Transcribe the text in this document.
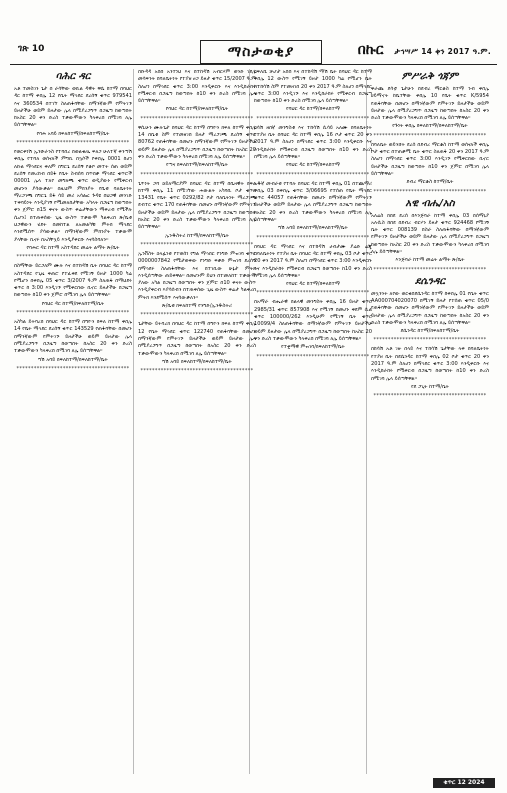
ገጽ 10	ማስታወቂያ	በኩር ታኅሣሥ 14 ቀን 2017 ዓ.ም.
ባሕር ዳር

አቶ ተመስገን ጌታ በ ራሳቸው ወኪል ዳዊት ዋሴ ከተማ በባህር ዳር ከተማ ቀበሌ 12 የቤት ማኅደር ደረሰኝ ቁጥር 979541 እና 360534 በተገኘ ስለጠፋባቸው በማንኛውም የምትገኙ ይዞታችሁ ወይም ይዞታው ሌላ በሚያረጋግጥ በጋዜጣ ከወጣበት ከአስር 20 ቀን ድረስ ተቃውሞውን ካላቀረበ በሚገባ ለሌ ይሰጣቸዋል፡፡

የባሕ አባይ ክፍለከተማ/ከፍለከተማ/ቤት
***************************************

የወርቅነሽ ኢንሹራንስ የተባበረ በወልቂጤ ፍለጋ ሁለተኛ ቅንጣሽ ቀበሌ የተሻለ ወሰናለች ምግቢ በኳሶች የቀበሌ 0001 ከሆነ ለኩል ማኅደርና ቀለም በግርጌ ደረሰኝ የቆቦ መተት ሰጠ ወይም ደረሰኝ የመረከብ በይፋ የቤት ስብሰባ በጥበቃ ማኅደር ቁጥሮች 00001 ሌላ ተለየ መግለጫ ቁጥር ወዲያውኑ የሚቀርብ መሆኑን ያሳውቃል፡፡ በዚህም ምክንያት የቤቱ ባለቤትነት ማረጋገጫ በግርጌ ይፋ ሳይ መሪ አሳልፎ ጉዳዩ በህጋዊ መንገድ ተቀባይነት እንዲያገኝ የሚመለከታቸው አካላት በጋዜጣ ከወጣበት ቀን ጀምሮ በ15 ቀናት ውስጥ ቅሬታቸውን ማቅረብ የሚችሉ ሲሆን፤ በተጠቀሰው ጊዜ ውስጥ ተቃውሞ ካልቀረበ ጽ/ቤቱ ህጋዊውን ሂደት በመከተል ለአመልካቹ ምትክ ማኅደር እንደሚሰጥ ያሳውቃል፡፡ በማንኛውም ምክንያት ተቃውሞ ያላቸው ቢኖሩ በአስቸኳይ እንዲያቀርቡ እናሳስባለን፡፡

የባሕር ዳር ከተማ አስተዳደር መሬት ልማት ጽ/ቤት
***************************************

በስማቸው ይርጋለም ሙሉ እና በተከዳሽ ቤት በባህር ዳር ከተማ አስተዳደር የጊዜ ቀጠሮ የተፈቀደ የሚገኝ ይዞታ 1000 ካሬ የሚሆን በቀበሌ 05 ቁጥር 3/2007 ዓ.ም ስለጠፋ በማህደሩ ቁጥር ከ 3:00 እንዲገኙ የሚቀርበው ቢኖር ይዞታችሁ በጋዜጣ ከወጣበት ከ10 ቀን ጀምሮ በሚገባ ሌላ ይሰጣቸዋል፡፡

የባህር ዳር ከተማ/ክፍለከተማ/ቤት
***************************************

አስካል ይትባረክ በባህር ዳር ከተማ በግዮን ክፍለ ከተማ ቀበሌ 14 የቤት ማኅደር ደረሰኝ ቁጥር 143529 የጠፋባቸው በመሆኑ በማንኛውም የምትገኙ ይዞታችሁ ወይም ይዞታው ሌላ በሚያረጋግጥ በጋዜጣ ከወጣበት ከአስር 20 ቀን ድረስ ተቃውሞውን ካላቀረበ በሚገባ ለሌ ይሰጣቸዋል፡፡

ግሽ አባይ ክፍለከተማ/ክፍለከተማ/ቤት
***************************************

በቡዳዳ አበበ አንተነህ እና በተከዳሽ አብርሃም ወንድ ገደሌ መሳፍንት በባለቤትነት የተያዘ ፀጋ ይዞታ ቁጥር 15/2007 ዓ.ም ስለሆነ በማኅደር ቁጥር 3:00 እንዲቀርቡ እና እንዲከራከሩ የሚቀርብ በጋዜጣ ከወጣበት ከ10 ቀን ድረስ በሚገባ ሌላ ይሰጣቸዋል፡፡

የባህር ዳር ከተማ/ክፍለከተማ/ቤት
***************************************

ዋሲሁን ሙሉጌታ በባህር ዳር ከተማ በግዮን ክፍለ ከተማ ቀበሌ 14 በቤቱ ስም የተመዘገበ ይዞታ ማረጋገጫ ደረሰኝ ቁጥር 80762 የጠፋባቸው በመሆኑ በማንኛውም የምትገኙ ይዞታችሁ ወይም ይዞታው ሌላ በሚያረጋግጥ በጋዜጣ ከወጣበት ከአስር 20 ቀን ድረስ ተቃውሞውን ካላቀረበ በሚገባ ለሌ ይሰጣቸዋል፡፡

የጣና ክፍለከተማ/ከፍለከተማ/ቤት
***************************************

ጌጥነት ጋሻ ኃይለማርያም በባህር ዳር ከተማ በቤዛዊት ክፍለ ከተማ ቀበሌ 11 በሚገኘው ሐውልት አካባቢ ቦታ ቁጥር 13431 የቤት ቁጥር 0292/82 ቦታ ባለቤትነት ማረጋገጫ ደብተር ቁጥር 170 የጠፋባቸው በመሆኑ በማንኛውም የምትገኙ ይዞታችሁ ወይም ይዞታው ሌላ በሚያረጋግጥ በጋዜጣ ከወጣበት ከአስር 20 ቀን ድረስ ተቃውሞውን ካላቀረበ በሚገባ ለሌ ይሰጣቸዋል፡፡

ኢንዱስትሪ ከተማ/ክፍለከተማ/ቤት
***************************************

ኢንቨስት ኃላፊነቱ የተወሰነ የግል ማኅበር የንግድ ምዝገባ ቁጥር 0000007842 የሚታወቀው የንግድ ፍቃድ ምዝገባ ደረሰኝ በማኅደሩ ስለጠፋባቸው እና በተገቢው ሁኔታ ምትክ እንዲሰጣቸው ጠይቀዋል፡፡ በመሆኑም ይህን በተመለከተ ተቃውሞ ያለው አካል በጋዜጣ ከወጣበት ቀን ጀምሮ በ10 ቀናት ውስጥ እንዲያቀርብ እያሳሰብን በተጠቀሰው ጊዜ ውስጥ ቅሬታ ካልቀረበ ምትክ እንደሚሰጥ እናሳውቃለን፡፡

ጽ/ቤቱ ክፍለከተማ የንግድ/ኢንዱስትሪ
***************************************

ጌታቸው ይትባረክ በባህር ዳር ከተማ በግዮን ክፍለ ከተማ ቀበሌ 12 የቤት ማኅደር ቁጥር 122740 የጠፋባቸው በመሆኑ በማንኛውም የምትገኙ ይዞታችሁ ወይም ይዞታው ሌላ በሚያረጋግጥ በጋዜጣ ከወጣበት ከአስር 20 ቀን ድረስ ተቃውሞውን ካላቀረበ በሚገባ ለሌ ይሰጣቸዋል፡፡

ግሽ አባይ ክፍለከተማ/ክፍለከተማ/ቤት
***************************************

ከፍለሺ ቻሆታ አበበ እና በተከዳሽ ማሽ ቤት በባህር ዳር ከተማ ቀበሌ 12 ውስጥ የሚገኝ ይዞታ 1000 ካሬ የሚሆን ቤት በተከሳሽ ስም የተመዘገበ 20 ቀን 2017 ዓ.ም ስለሆነ በማኅደር ቁጥር 3:00 እንዲገኙ እና እንዲከራከሩ የሚቀርብ በጋዜጣ ከወጣበት ከ10 ቀን ድረስ በሚገባ ሌላ ይሰጣቸዋል፡፡

የባህር ዳር ከተማ/ክፍለከተማ
***************************************

ከሳሽ ዘበኛ መንግስቱ እና ተከሳሽ ሲሳይ አለሙ በባለቤትነት የተያዘ ቤት በባህር ዳር ከተማ ቀበሌ 16 ቦታ ቁጥር 20 ቀን 2017 ዓ.ም ስለሆነ በማኅደር ቁጥር 3:00 እንዲቀርቡ እና እንዲከራከሩ የሚቀርብ በጋዜጣ ከወጣበት ከ10 ቀን ድረስ በሚገባ ሌላ ይሰጣቸዋል፡፡

የባህር ዳር ከተማ/ክፍለከተማ
***************************************

አዱኛ መብራቱ የተባሉ በባህር ዳር ከተማ ቀበሌ 01 በተጨማሪ ቀበሌ 03 በቀበሌ ቁጥር 3/06695 የተሰጠ የቤት ማኅደር ቁጥር 44057 የጠፋባቸው በመሆኑ በማንኛውም የምትገኙ ይዞታችሁ ወይም ይዞታው ሌላ በሚያረጋግጥ በጋዜጣ ከወጣበት ከአስር 20 ቀን ድረስ ተቃውሞውን ካላቀረበ በሚገባ ለሌ ይሰጣቸዋል፡፡

ግሽ አባይ ክፍለከተማ/ክፍለከተማ/ቤት
***************************************

በባህር ዳር ማኅደር እና በተከዳሽ ሀብታሙ ያሬድ ሬጂ በባለቤትነት የተያዘ ቤት በባህር ዳር ከተማ ቀበሌ 03 ቦታ ቁጥር 20 ቀን 2017 ዓ.ም ስለሆነ በማኅደር ቁጥር 3:00 እንዲቀርቡ እና እንዲከራከሩ የሚቀርብ በጋዜጣ ከወጣበት ከ10 ቀን ድረስ በሚገባ ሌላ ይሰጣቸዋል፡፡

የባህር ዳር ከተማ/ክፍለከተማ
***************************************

በአማራ ብሔራዊ ክልላዊ መንግስት ቀበሌ 16 ይዞታ ቁጥር 2985/31 ቁጥር 857908 እና የሚገኝ በመሆኑ ቀደም ሲል ቁጥር 100000/262 እንዲሁም የሚገኝ ቤት ቁጥር 10099/4 ስለጠፋባቸው በማንኛውም የምትገኙ ይዞታችሁ ወይም ይዞታው ሌላ በሚያረጋግጥ በጋዜጣ ከወጣበት ከአስር 20 ቀን ድረስ ተቃውሞውን ካላቀረበ በሚገባ ለሌ ይሰጣቸዋል፡፡

የተቋማዊ ምዝገባ/ክፍለከተማ/ቤት
***************************************
ምሥራቅ ጎጃም

ቀራጨ ደሳቲ ጌታሁን በደብረ ማርቆስ ከተማ ንብ ቀበሌ ሀይማኖት ከቤተቸው ቀበሌ 10 የቤት ቁጥር K/5954 የጠፋባቸው በመሆኑ በማንኛውም የምትገኙ ይዞታችሁ ወይም ይዞታው ሌላ በሚያረጋግጥ በጋዜጣ ከወጣበት ከአስር 20 ቀን ድረስ ተቃውሞውን ካላቀረበ በሚገባ ለሌ ይሰጣቸዋል፡፡

የጉነት ቀበሌ ክፍለከተማ/ክፍለከተማ/ቤት
***************************************

በባለቤት ወይንሸት ደረሰ በደብረ ማርቆስ ከተማ ወሰናለች ቀበሌ ቦታ ቁጥር በተጠቃሚ ቤት ቁጥር ስለጠፋ 20 ቀን 2017 ዓ.ም ስለሆነ በማኅደር ቁጥር 3:00 እንዲገኙ የሚቀርበው ቢኖር ይዞታችሁ በጋዜጣ ከወጣበት ከ10 ቀን ጀምሮ በሚገባ ሌላ ይሰጣቸዋል፡፡

ደብረ ማርቆስ ከተማ/ቤት
***************************************
አዊ ብሔ/አስ

አለሬስ ክበደ ደረሰ በእንጅባራ ከተማ ቀበሌ 03 በሰማኒያ አሉሲስ ከበደ በደብረ ብርሃን ይዞታ ቁጥር 924468 የሚገኝ ቤት ቁጥር 008139 በስራ ስለጠፋባቸው በማንኛውም የምትገኙ ይዞታችሁ ወይም ይዞታው ሌላ በሚያረጋግጥ በጋዜጣ ከወጣበት ከአስር 20 ቀን ድረስ ተቃውሞውን ካላቀረበ በሚገባ ለሌ ይሰጣቸዋል፡፡

እንጅባራ ከተማ መሬት ልማት ጽ/ቤት
***************************************
ደሴንዳር

መኳንንት ለየው ወርቁበደሴንዳር ከተማ ከቀበሌ 01 የቤት ቁጥር AA000704020070 በሚገኝ ይዞታ የተሰጠ ቁጥር 05/0 የጠፋባቸው በመሆኑ በማንኛውም የምትገኙ ይዞታችሁ ወይም ይዞታው ሌላ በሚያረጋግጥ በጋዜጣ ከወጣበት ከአስር 20 ቀን ድረስ ተቃውሞውን ካላቀረበ በሚገባ ለሌ ይሰጣቸዋል፡፡

ደሴንዳር ከተማ/ክፍለከተማ/ቤት
***************************************

በከሳሽ አቶ ገዙ በላይ እና ተከሳሽ ጌታቸው ላቀ በባለቤትነት የተያዘ ቤት በደሴንዳር ከተማ ቀበሌ 02 ቦታ ቁጥር 20 ቀን 2017 ዓ.ም ስለሆነ በማኅደር ቁጥር 3:00 እንዲቀርቡ እና እንዲከራከሩ የሚቀርብ በጋዜጣ ከወጣበት ከ10 ቀን ድረስ በሚገባ ሌላ ይሰጣቸዋል፡፡

የደ ጋጊት ከተማ/ቤት
***************************************
ቁጥር 12 2024
